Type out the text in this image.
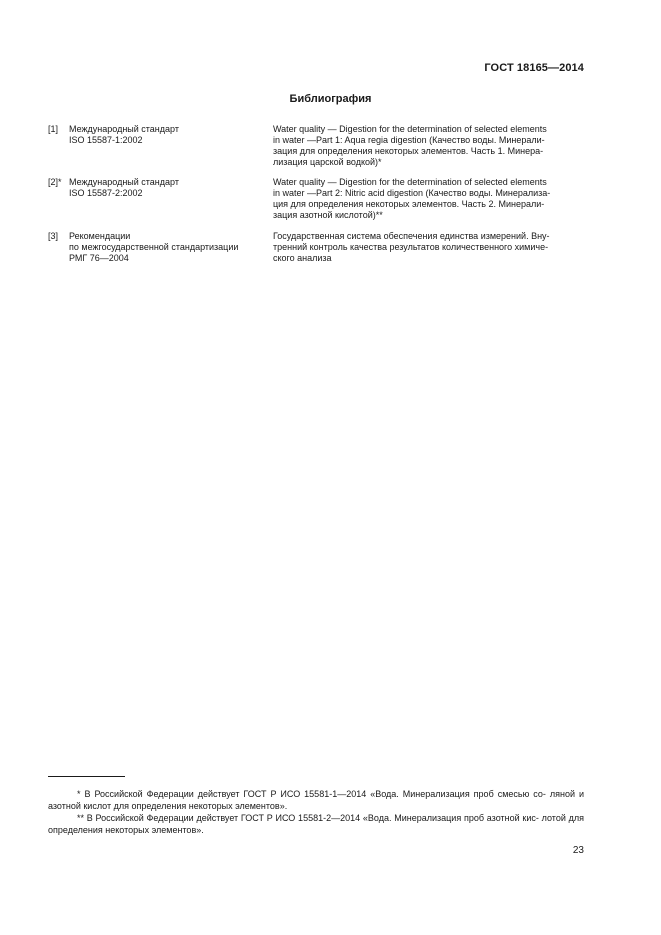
ГОСТ 18165—2014
Библиография
[1] Международный стандарт
ISO 15587-1:2002
Water quality — Digestion for the determination of selected elements
in water —Part 1: Aqua regia digestion (Качество воды. Минерали-
зация для определения некоторых элементов. Часть 1. Минера-
лизация царской водкой)*
[2]* Международный стандарт
ISO 15587-2:2002
Water quality — Digestion for the determination of selected elements
in water —Part 2: Nitric acid digestion (Качество воды. Минерализа-
ция для определения некоторых элементов. Часть 2. Минерали-
зация азотной кислотой)**
[3] Рекомендации
по межгосударственной стандартизации
РМГ 76—2004
Государственная система обеспечения единства измерений. Вну-
тренний контроль качества результатов количественного химиче-
ского анализа
* В Российской Федерации действует ГОСТ Р ИСО 15581-1—2014 «Вода. Минерализация проб смесью со- ляной и азотной кислот для определения некоторых элементов».
** В Российской Федерации действует ГОСТ Р ИСО 15581-2—2014 «Вода. Минерализация проб азотной кис- лотой для определения некоторых элементов».
23
